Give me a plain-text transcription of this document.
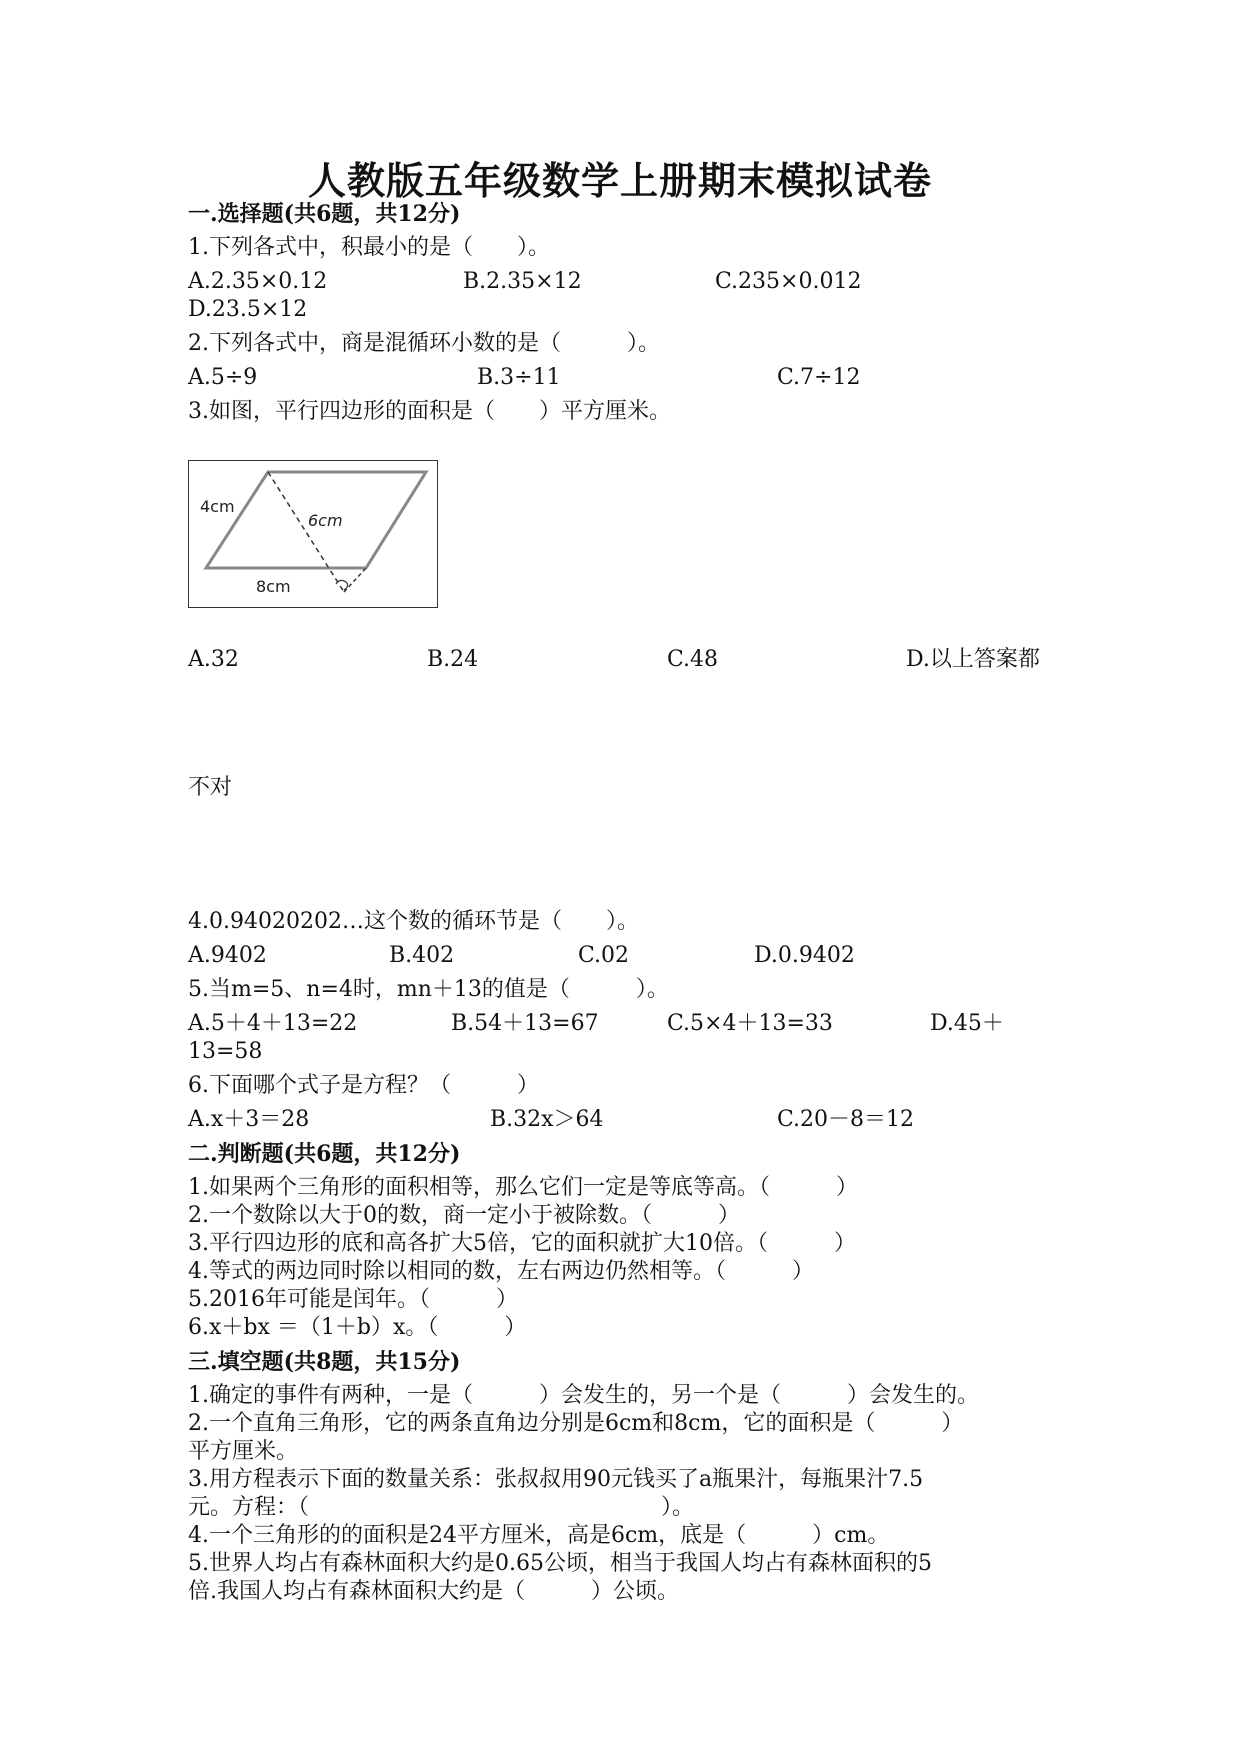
人教版五年级数学上册期末模拟试卷
一.选择题(共6题，共12分)
1.下列各式中，积最小的是（　　）。
A.2.35×0.12	B.2.35×12	C.235×0.012
D.23.5×12
2.下列各式中，商是混循环小数的是（　　　）。
A.5÷9	B.3÷11	C.7÷12
3.如图，平行四边形的面积是（　　）平方厘米。
4cm
6cm
8cm
A.32	B.24	C.48	D.以上答案都
不对
4.0.94020202…这个数的循环节是（　　）。
A.9402	B.402	C.02	D.0.9402
5.当m=5、n=4时，mn＋13的值是（　　　）。
A.5＋4＋13=22	B.54＋13=67	C.5×4＋13=33	D.45＋
13=58
6.下面哪个式子是方程？（　　　）
A.x＋3＝28	B.32x＞64	C.20－8＝12
二.判断题(共6题，共12分)
1.如果两个三角形的面积相等，那么它们一定是等底等高。（　　　）
2.一个数除以大于0的数，商一定小于被除数。（　　　）
3.平行四边形的底和高各扩大5倍，它的面积就扩大10倍。（　　　）
4.等式的两边同时除以相同的数，左右两边仍然相等。（　　　）
5.2016年可能是闰年。（　　　）
6.x＋bx ＝（1＋b）x。（　　　）
三.填空题(共8题，共15分)
1.确定的事件有两种，一是（　　　）会发生的，另一个是（　　　）会发生的。
2.一个直角三角形，它的两条直角边分别是6cm和8cm，它的面积是（　　　）
平方厘米。
3.用方程表示下面的数量关系：张叔叔用90元钱买了a瓶果汁，每瓶果汁7.5
元。方程：（　　　　　　　　　　　　　　　　）。
4.一个三角形的的面积是24平方厘米，高是6cm，底是（　　　）cm。
5.世界人均占有森林面积大约是0.65公顷，相当于我国人均占有森林面积的5
倍.我国人均占有森林面积大约是（　　　）公顷。
